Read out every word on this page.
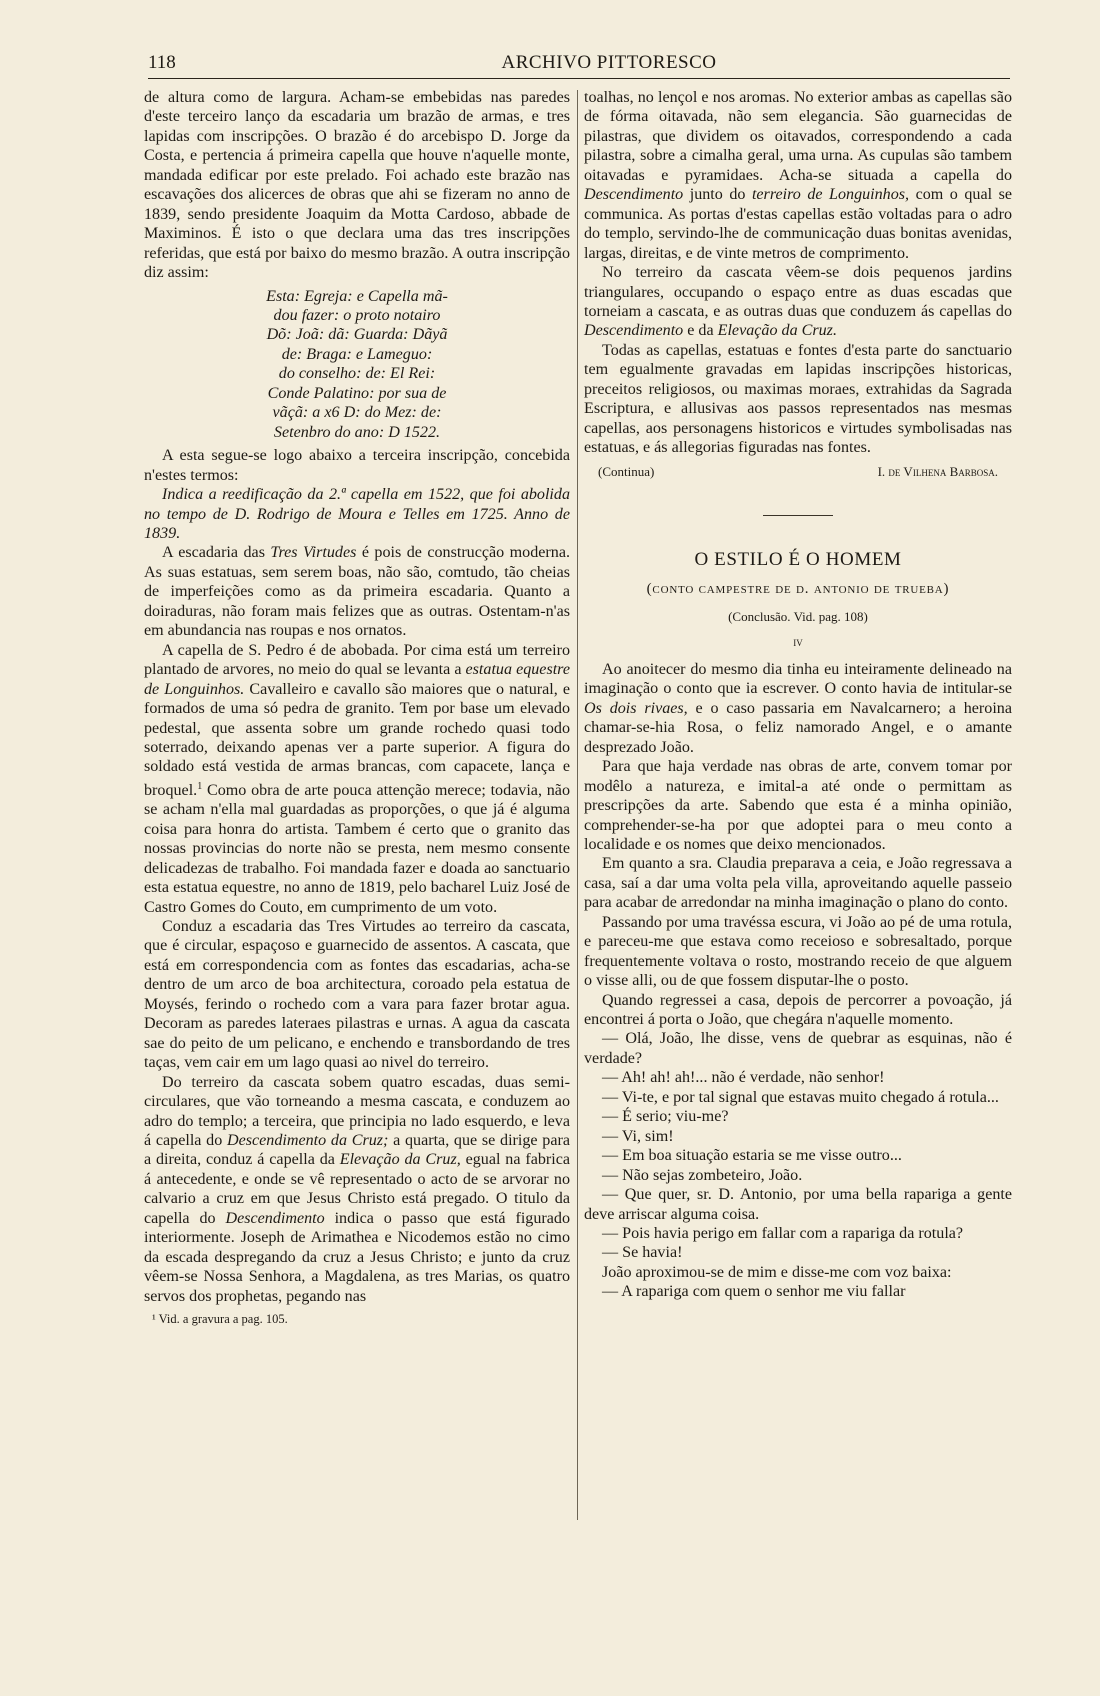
118	ARCHIVO PITTORESCO

de altura como de largura. Acham-se embebidas nas paredes d'este terceiro lanço da escadaria um brazão de armas, e tres lapidas com inscripções. O brazão é do arcebispo D. Jorge da Costa, e pertencia á primeira capella que houve n'aquelle monte, mandada edificar por este prelado. Foi achado este brazão nas escavações dos alicerces de obras que ahi se fizeram no anno de 1839, sendo presidente Joaquim da Motta Cardoso, abbade de Maximinos. É isto o que declara uma das tres inscripções referidas, que está por baixo do mesmo brazão. A outra inscripção diz assim:

Esta: Egreja: e Capella mã-
dou fazer: o proto notairo
Dõ: Joã: dã: Guarda: Dãyã
de: Braga: e Lameguo:
do conselho: de: El Rei:
Conde Palatino: por sua de
vãçã: a x6 D: do Mez: de:
Setenbro do ano: D 1522.

A esta segue-se logo abaixo a terceira inscripção, concebida n'estes termos:

Indica a reedificação da 2.ª capella em 1522, que foi abolida no tempo de D. Rodrigo de Moura e Telles em 1725. Anno de 1839.

A escadaria das Tres Virtudes é pois de construcção moderna. As suas estatuas, sem serem boas, não são, comtudo, tão cheias de imperfeições como as da primeira escadaria. Quanto a doiraduras, não foram mais felizes que as outras. Ostentam-n'as em abundancia nas roupas e nos ornatos.

A capella de S. Pedro é de abobada. Por cima está um terreiro plantado de arvores, no meio do qual se levanta a estatua equestre de Longuinhos. Cavalleiro e cavallo são maiores que o natural, e formados de uma só pedra de granito. Tem por base um elevado pedestal, que assenta sobre um grande rochedo quasi todo soterrado, deixando apenas ver a parte superior. A figura do soldado está vestida de armas brancas, com capacete, lança e broquel.$^1$ Como obra de arte pouca attenção merece; todavia, não se acham n'ella mal guardadas as proporções, o que já é alguma coisa para honra do artista. Tambem é certo que o granito das nossas provincias do norte não se presta, nem mesmo consente delicadezas de trabalho. Foi mandada fazer e doada ao sanctuario esta estatua equestre, no anno de 1819, pelo bacharel Luiz José de Castro Gomes do Couto, em cumprimento de um voto.

Conduz a escadaria das Tres Virtudes ao terreiro da cascata, que é circular, espaçoso e guarnecido de assentos. A cascata, que está em correspondencia com as fontes das escadarias, acha-se dentro de um arco de boa architectura, coroado pela estatua de Moysés, ferindo o rochedo com a vara para fazer brotar agua. Decoram as paredes lateraes pilastras e urnas. A agua da cascata sae do peito de um pelicano, e enchendo e transbordando de tres taças, vem cair em um lago quasi ao nivel do terreiro.

Do terreiro da cascata sobem quatro escadas, duas semi-circulares, que vão torneando a mesma cascata, e conduzem ao adro do templo; a terceira, que principia no lado esquerdo, e leva á capella do Descendimento da Cruz; a quarta, que se dirige para a direita, conduz á capella da Elevação da Cruz, egual na fabrica á antecedente, e onde se vê representado o acto de se arvorar no calvario a cruz em que Jesus Christo está pregado. O titulo da capella do Descendimento indica o passo que está figurado interiormente. Joseph de Arimathea e Nicodemos estão no cimo da escada despregando da cruz a Jesus Christo; e junto da cruz vêem-se Nossa Senhora, a Magdalena, as tres Marias, os quatro servos dos prophetas, pegando nas

¹ Vid. a gravura a pag. 105.

toalhas, no lençol e nos aromas. No exterior ambas as capellas são de fórma oitavada, não sem elegancia. São guarnecidas de pilastras, que dividem os oitavados, correspondendo a cada pilastra, sobre a cimalha geral, uma urna. As cupulas são tambem oitavadas e pyramidaes. Acha-se situada a capella do Descendimento junto do terreiro de Longuinhos, com o qual se communica. As portas d'estas capellas estão voltadas para o adro do templo, servindo-lhe de communicação duas bonitas avenidas, largas, direitas, e de vinte metros de comprimento.

No terreiro da cascata vêem-se dois pequenos jardins triangulares, occupando o espaço entre as duas escadas que torneiam a cascata, e as outras duas que conduzem ás capellas do Descendimento e da Elevação da Cruz.

Todas as capellas, estatuas e fontes d'esta parte do sanctuario tem egualmente gravadas em lapidas inscripções historicas, preceitos religiosos, ou maximas moraes, extrahidas da Sagrada Escriptura, e allusivas aos passos representados nas mesmas capellas, aos personagens historicos e virtudes symbolisadas nas estatuas, e ás allegorias figuradas nas fontes.

(Continua)	I. de Vilhena Barbosa.
O ESTILO É O HOMEM
(conto campestre de d. antonio de trueba)
(Conclusão. Vid. pag. 108)
iv

Ao anoitecer do mesmo dia tinha eu inteiramente delineado na imaginação o conto que ia escrever. O conto havia de intitular-se Os dois rivaes, e o caso passaria em Navalcarnero; a heroina chamar-se-hia Rosa, o feliz namorado Angel, e o amante desprezado João.

Para que haja verdade nas obras de arte, convem tomar por modêlo a natureza, e imital-a até onde o permittam as prescripções da arte. Sabendo que esta é a minha opinião, comprehender-se-ha por que adoptei para o meu conto a localidade e os nomes que deixo mencionados.

Em quanto a sra. Claudia preparava a ceia, e João regressava a casa, saí a dar uma volta pela villa, aproveitando aquelle passeio para acabar de arredondar na minha imaginação o plano do conto.

Passando por uma travéssa escura, vi João ao pé de uma rotula, e pareceu-me que estava como receioso e sobresaltado, porque frequentemente voltava o rosto, mostrando receio de que alguem o visse alli, ou de que fossem disputar-lhe o posto.

Quando regressei a casa, depois de percorrer a povoação, já encontrei á porta o João, que chegára n'aquelle momento.

— Olá, João, lhe disse, vens de quebrar as esquinas, não é verdade?

— Ah! ah! ah!... não é verdade, não senhor!

— Vi-te, e por tal signal que estavas muito chegado á rotula...

— É serio; viu-me?

— Vi, sim!

— Em boa situação estaria se me visse outro...

— Não sejas zombeteiro, João.

— Que quer, sr. D. Antonio, por uma bella rapariga a gente deve arriscar alguma coisa.

— Pois havia perigo em fallar com a rapariga da rotula?

— Se havia!

João aproximou-se de mim e disse-me com voz baixa:

— A rapariga com quem o senhor me viu fallar
